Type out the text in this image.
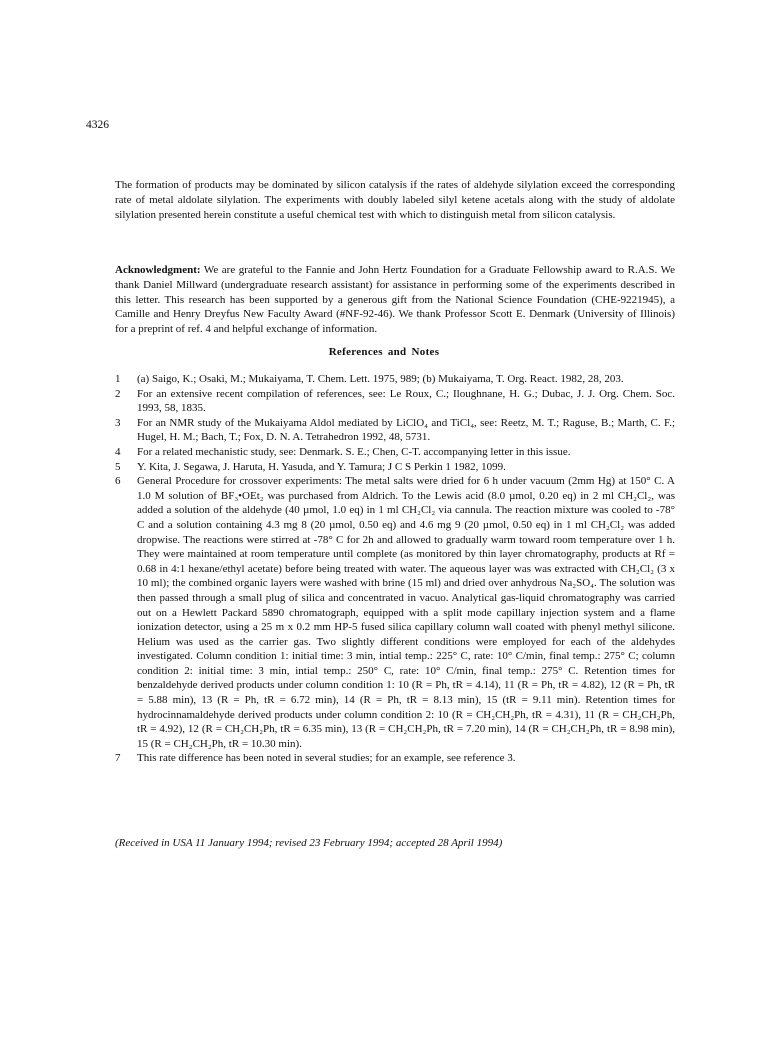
4326

The formation of products may be dominated by silicon catalysis if the rates of aldehyde silylation exceed the corresponding rate of metal aldolate silylation. The experiments with doubly labeled silyl ketene acetals along with the study of aldolate silylation presented herein constitute a useful chemical test with which to distinguish metal from silicon catalysis.

Acknowledgment: We are grateful to the Fannie and John Hertz Foundation for a Graduate Fellowship award to R.A.S. We thank Daniel Millward (undergraduate research assistant) for assistance in performing some of the experiments described in this letter. This research has been supported by a generous gift from the National Science Foundation (CHE-9221945), a Camille and Henry Dreyfus New Faculty Award (#NF-92-46). We thank Professor Scott E. Denmark (University of Illinois) for a preprint of ref. 4 and helpful exchange of information.

References and Notes
1 (a) Saigo, K.; Osaki, M.; Mukaiyama, T. Chem. Lett. 1975, 989; (b) Mukaiyama, T. Org. React. 1982, 28, 203.
2 For an extensive recent compilation of references, see: Le Roux, C.; Iloughnane, H. G.; Dubac, J. J. Org. Chem. Soc. 1993, 58, 1835.
3 For an NMR study of the Mukaiyama Aldol mediated by LiClO₄ and TiCl₄, see: Reetz, M. T.; Raguse, B.; Marth, C. F.; Hugel, H. M.; Bach, T.; Fox, D. N. A. Tetrahedron 1992, 48, 5731.
4 For a related mechanistic study, see: Denmark. S. E.; Chen, C-T. accompanying letter in this issue.
5 Y. Kita, J. Segawa, J. Haruta, H. Yasuda, and Y. Tamura; J C S Perkin 1 1982, 1099.
6 General Procedure for crossover experiments: The metal salts were dried for 6 h under vacuum (2mm Hg) at 150° C. A 1.0 M solution of BF₃•OEt₂ was purchased from Aldrich. To the Lewis acid (8.0 µmol, 0.20 eq) in 2 ml CH₂Cl₂, was added a solution of the aldehyde (40 µmol, 1.0 eq) in 1 ml CH₂Cl₂ via cannula. The reaction mixture was cooled to -78° C and a solution containing 4.3 mg 8 (20 µmol, 0.50 eq) and 4.6 mg 9 (20 µmol, 0.50 eq) in 1 ml CH₂Cl₂ was added dropwise. The reactions were stirred at -78° C for 2h and allowed to gradually warm toward room temperature over 1 h. They were maintained at room temperature until complete (as monitored by thin layer chromatography, products at Rf = 0.68 in 4:1 hexane/ethyl acetate) before being treated with water. The aqueous layer was was extracted with CH₂Cl₂ (3 x 10 ml); the combined organic layers were washed with brine (15 ml) and dried over anhydrous Na₂SO₄. The solution was then passed through a small plug of silica and concentrated in vacuo. Analytical gas-liquid chromatography was carried out on a Hewlett Packard 5890 chromatograph, equipped with a split mode capillary injection system and a flame ionization detector, using a 25 m x 0.2 mm HP-5 fused silica capillary column wall coated with phenyl methyl silicone. Helium was used as the carrier gas. Two slightly different conditions were employed for each of the aldehydes investigated. Column condition 1: initial time: 3 min, intial temp.: 225° C, rate: 10° C/min, final temp.: 275° C; column condition 2: initial time: 3 min, intial temp.: 250° C, rate: 10° C/min, final temp.: 275° C. Retention times for benzaldehyde derived products under column condition 1: 10 (R = Ph, tR = 4.14), 11 (R = Ph, tR = 4.82), 12 (R = Ph, tR = 5.88 min), 13 (R = Ph, tR = 6.72 min), 14 (R = Ph, tR = 8.13 min), 15 (tR = 9.11 min). Retention times for hydrocinnamaldehyde derived products under column condition 2: 10 (R = CH₂CH₂Ph, tR = 4.31), 11 (R = CH₂CH₂Ph, tR = 4.92), 12 (R = CH₂CH₂Ph, tR = 6.35 min), 13 (R = CH₂CH₂Ph, tR = 7.20 min), 14 (R = CH₂CH₂Ph, tR = 8.98 min), 15 (R = CH₂CH₂Ph, tR = 10.30 min).
7 This rate difference has been noted in several studies; for an example, see reference 3.
(Received in USA 11 January 1994; revised 23 February 1994; accepted 28 April 1994)
